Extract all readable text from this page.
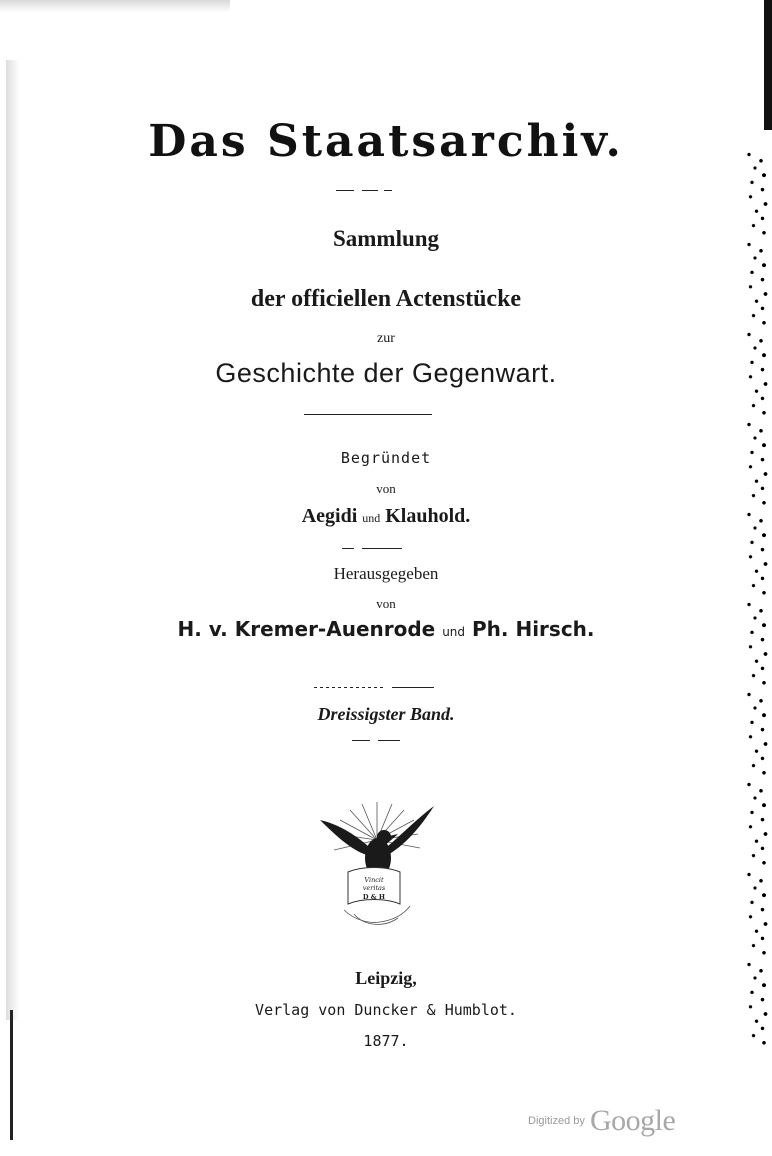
Das Staatsarchiv.
Sammlung
der officiellen Actenstücke
zur
Geschichte der Gegenwart.
Begründet
von
Aegidi und Klauhold.
Herausgegeben
von
H. v. Kremer-Auenrode und Ph. Hirsch.
Dreissigster Band.
Vincit
veritas
D & H
Leipzig,
Verlag von Duncker & Humblot.
1877.
Digitized by Google
